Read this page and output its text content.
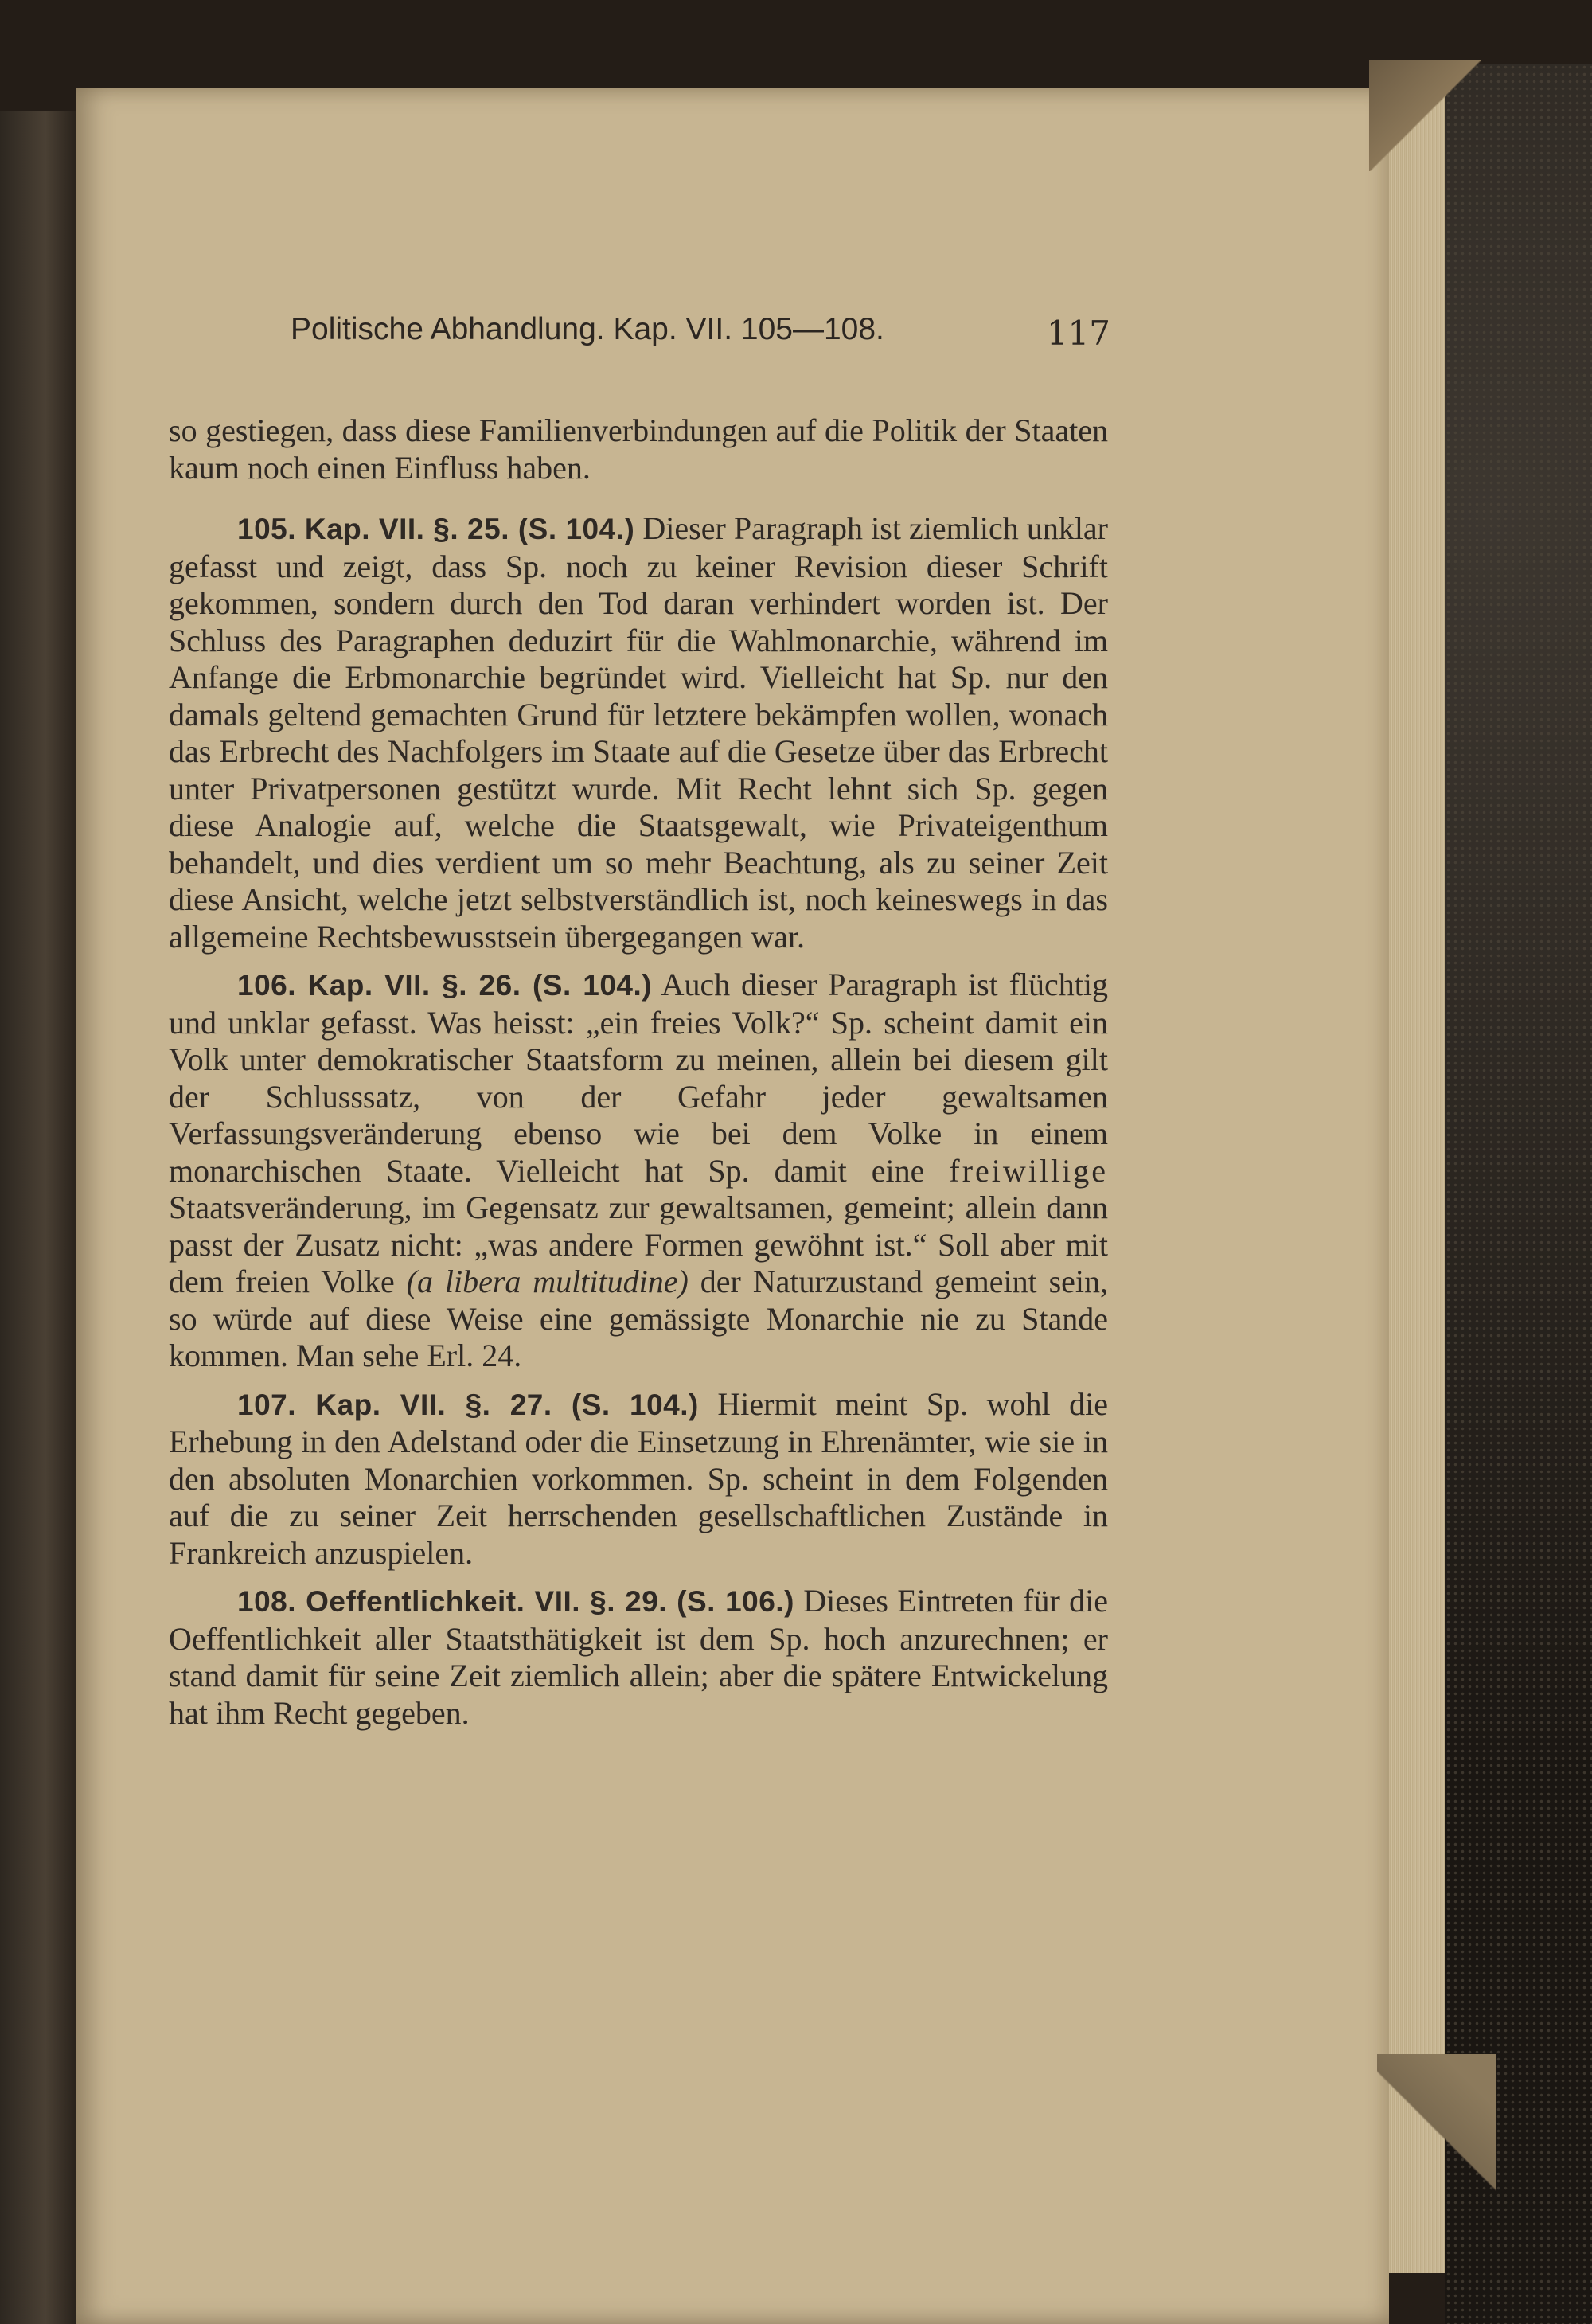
Politische Abhandlung. Kap. VII. 105—108.	117

so gestiegen, dass diese Familienverbindungen auf die Politik der Staaten kaum noch einen Einfluss haben.

105. Kap. VII. §. 25. (S. 104.) Dieser Paragraph ist ziemlich unklar gefasst und zeigt, dass Sp. noch zu keiner Revision dieser Schrift gekommen, sondern durch den Tod daran verhindert worden ist. Der Schluss des Paragraphen deduzirt für die Wahlmonarchie, während im Anfange die Erbmonarchie begründet wird. Vielleicht hat Sp. nur den damals geltend gemachten Grund für letztere bekämpfen wollen, wonach das Erbrecht des Nachfolgers im Staate auf die Gesetze über das Erbrecht unter Privatpersonen gestützt wurde. Mit Recht lehnt sich Sp. gegen diese Analogie auf, welche die Staatsgewalt, wie Privateigenthum behandelt, und dies verdient um so mehr Beachtung, als zu seiner Zeit diese Ansicht, welche jetzt selbstverständlich ist, noch keineswegs in das allgemeine Rechtsbewusstsein übergegangen war.

106. Kap. VII. §. 26. (S. 104.) Auch dieser Paragraph ist flüchtig und unklar gefasst. Was heisst: „ein freies Volk?“ Sp. scheint damit ein Volk unter demokratischer Staatsform zu meinen, allein bei diesem gilt der Schlusssatz, von der Gefahr jeder gewaltsamen Verfassungsveränderung ebenso wie bei dem Volke in einem monarchischen Staate. Vielleicht hat Sp. damit eine freiwillige Staatsveränderung, im Gegensatz zur gewaltsamen, gemeint; allein dann passt der Zusatz nicht: „was andere Formen gewöhnt ist.“ Soll aber mit dem freien Volke (a libera multitudine) der Naturzustand gemeint sein, so würde auf diese Weise eine gemässigte Monarchie nie zu Stande kommen. Man sehe Erl. 24.

107. Kap. VII. §. 27. (S. 104.) Hiermit meint Sp. wohl die Erhebung in den Adelstand oder die Einsetzung in Ehrenämter, wie sie in den absoluten Monarchien vorkommen. Sp. scheint in dem Folgenden auf die zu seiner Zeit herrschenden gesellschaftlichen Zustände in Frankreich anzuspielen.

108. Oeffentlichkeit. VII. §. 29. (S. 106.) Dieses Eintreten für die Oeffentlichkeit aller Staatsthätigkeit ist dem Sp. hoch anzurechnen; er stand damit für seine Zeit ziemlich allein; aber die spätere Entwickelung hat ihm Recht gegeben.
